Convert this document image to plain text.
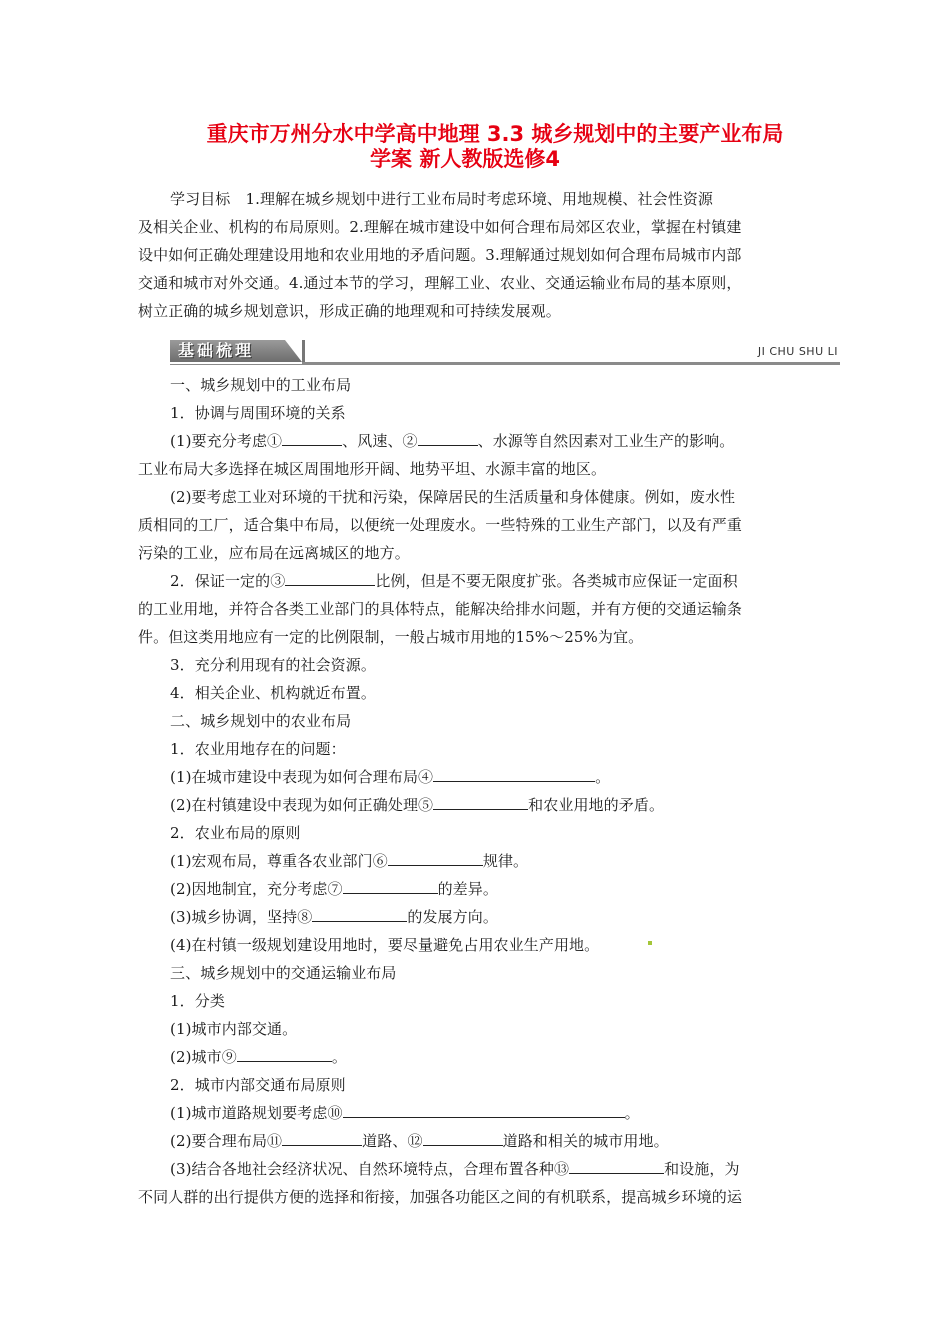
重庆市万州分水中学高中地理 3.3 城乡规划中的主要产业布局
学案 新人教版选修4
学习目标　1.理解在城乡规划中进行工业布局时考虑环境、用地规模、社会性资源
及相关企业、机构的布局原则。2.理解在城市建设中如何合理布局郊区农业，掌握在村镇建
设中如何正确处理建设用地和农业用地的矛盾问题。3.理解通过规划如何合理布局城市内部
交通和城市对外交通。4.通过本节的学习，理解工业、农业、交通运输业布局的基本原则，
树立正确的城乡规划意识，形成正确的地理观和可持续发展观。
基础梳理	JI CHU SHU LI
一、城乡规划中的工业布局
1．协调与周围环境的关系
(1)要充分考虑①	、风速、②	、水源等自然因素对工业生产的影响。
工业布局大多选择在城区周围地形开阔、地势平坦、水源丰富的地区。
(2)要考虑工业对环境的干扰和污染，保障居民的生活质量和身体健康。例如，废水性
质相同的工厂，适合集中布局，以便统一处理废水。一些特殊的工业生产部门，以及有严重
污染的工业，应布局在远离城区的地方。
2．保证一定的③	比例，但是不要无限度扩张。各类城市应保证一定面积
的工业用地，并符合各类工业部门的具体特点，能解决给排水问题，并有方便的交通运输条
件。但这类用地应有一定的比例限制，一般占城市用地的15%～25%为宜。
3．充分利用现有的社会资源。
4．相关企业、机构就近布置。
二、城乡规划中的农业布局
1．农业用地存在的问题：
(1)在城市建设中表现为如何合理布局④	。
(2)在村镇建设中表现为如何正确处理⑤	和农业用地的矛盾。
2．农业布局的原则
(1)宏观布局，尊重各农业部门⑥	规律。
(2)因地制宜，充分考虑⑦	的差异。
(3)城乡协调，坚持⑧	的发展方向。
(4)在村镇一级规划建设用地时，要尽量避免占用农业生产用地。
三、城乡规划中的交通运输业布局
1．分类
(1)城市内部交通。
(2)城市⑨	。
2．城市内部交通布局原则
(1)城市道路规划要考虑⑩	。
(2)要合理布局⑪	道路、⑫	道路和相关的城市用地。
(3)结合各地社会经济状况、自然环境特点，合理布置各种⑬	和设施，为
不同人群的出行提供方便的选择和衔接，加强各功能区之间的有机联系，提高城乡环境的运
